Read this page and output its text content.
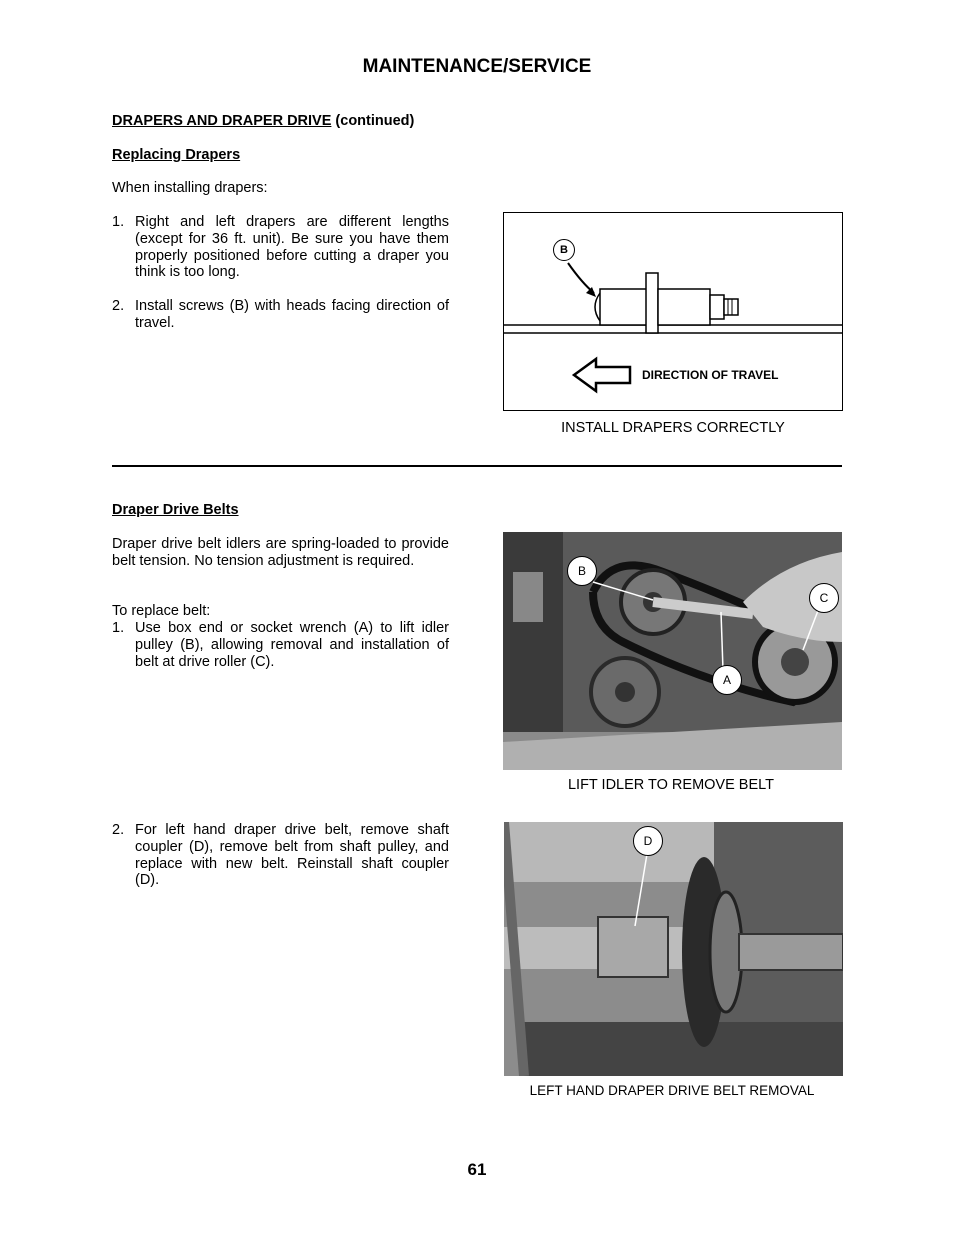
MAINTENANCE/SERVICE
DRAPERS AND DRAPER DRIVE (continued)
Replacing Drapers
When installing drapers:
1. Right and left drapers are different lengths (except for 36 ft. unit). Be sure you have them properly positioned before cutting a draper you think is too long.
2. Install screws (B) with heads facing direction of travel.
B
DIRECTION OF TRAVEL
INSTALL DRAPERS CORRECTLY
Draper Drive Belts
Draper drive belt idlers are spring-loaded to provide belt tension. No tension adjustment is required.
To replace belt:
1. Use box end or socket wrench (A) to lift idler pulley (B), allowing removal and installation of belt at drive roller (C).
B
C
A
LIFT IDLER TO REMOVE BELT
2. For left hand draper drive belt, remove shaft coupler (D), remove belt from shaft pulley, and replace with new belt. Reinstall shaft coupler (D).
D
LEFT HAND DRAPER DRIVE BELT REMOVAL
61
